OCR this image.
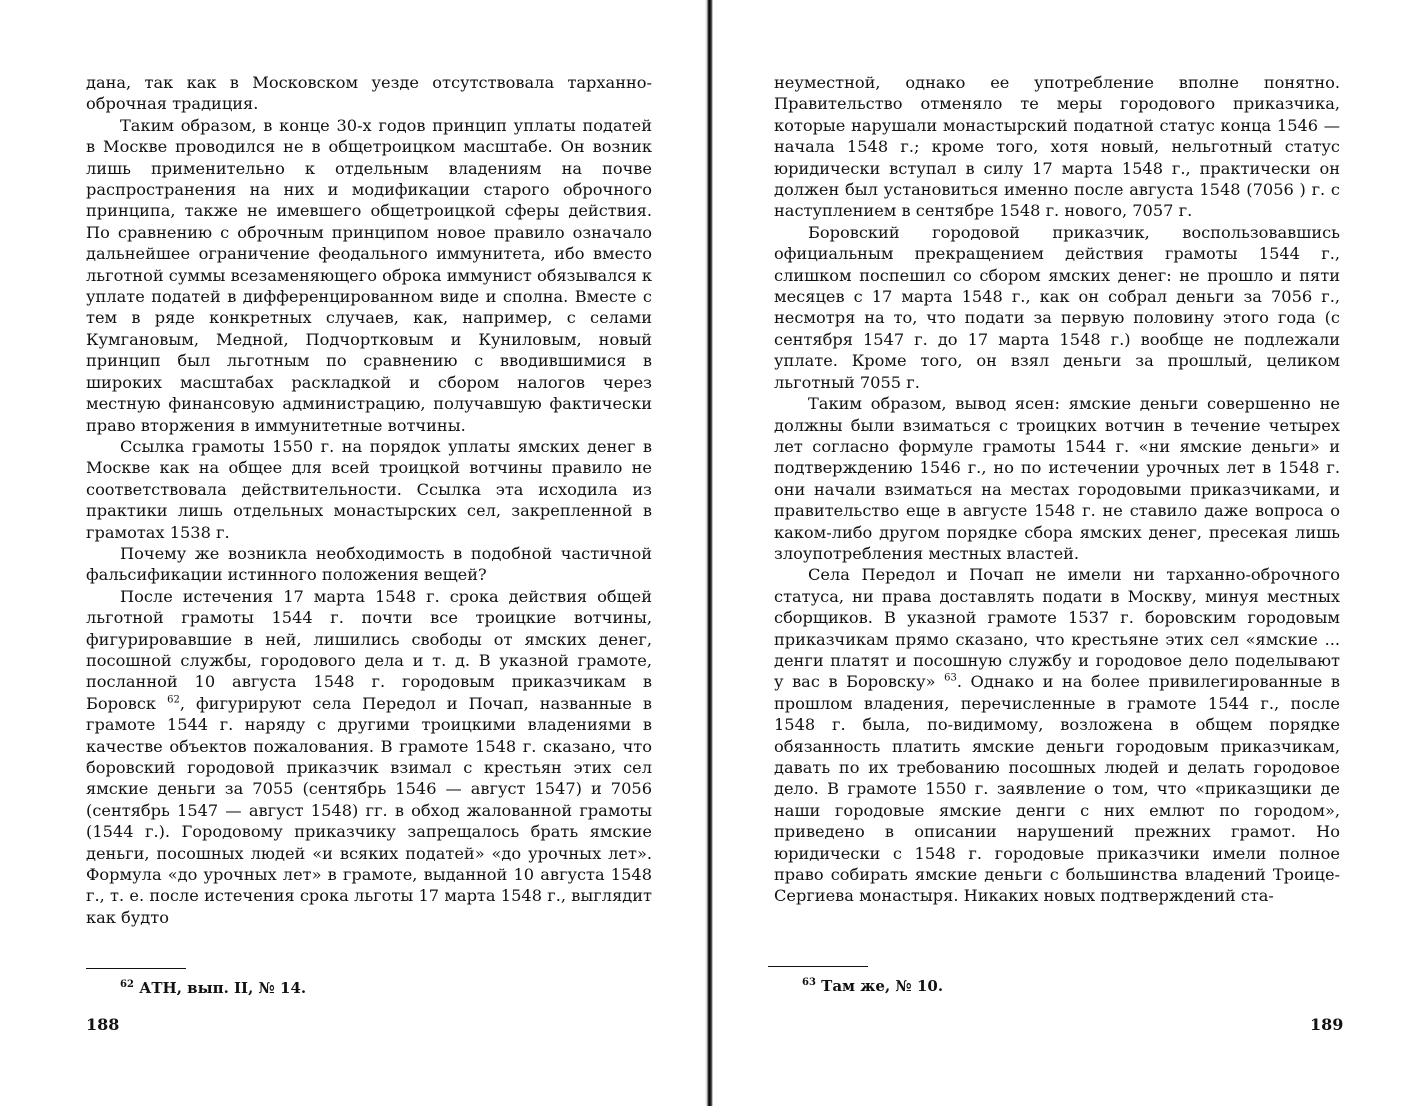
дана, так как в Московском уезде отсутствовала тарханно-оброчная традиция.

Таким образом, в конце 30-х годов принцип уплаты податей в Москве проводился не в общетроицком масштабе. Он возник лишь применительно к отдельным владениям на почве распространения на них и модификации старого оброчного принципа, также не имевшего общетроицкой сферы действия. По сравнению с оброчным принципом новое правило означало дальнейшее ограничение феодального иммунитета, ибо вместо льготной суммы всезаменяющего оброка иммунист обязывался к уплате податей в дифференцированном виде и сполна. Вместе с тем в ряде конкретных случаев, как, например, с селами Кумгановым, Медной, Подчортковым и Куниловым, новый принцип был льготным по сравнению с вводившимися в широких масштабах раскладкой и сбором налогов через местную финансовую администрацию, получавшую фактически право вторжения в иммунитетные вотчины.

Ссылка грамоты 1550 г. на порядок уплаты ямских денег в Москве как на общее для всей троицкой вотчины правило не соответствовала действительности. Ссылка эта исходила из практики лишь отдельных монастырских сел, закрепленной в грамотах 1538 г.

Почему же возникла необходимость в подобной частичной фальсификации истинного положения вещей?

После истечения 17 марта 1548 г. срока действия общей льготной грамоты 1544 г. почти все троицкие вотчины, фигурировавшие в ней, лишились свободы от ямских денег, посошной службы, городового дела и т. д. В указной грамоте, посланной 10 августа 1548 г. городовым приказчикам в Боровск $^{62}$, фигурируют села Передол и Почап, названные в грамоте 1544 г. наряду с другими троицкими владениями в качестве объектов пожалования. В грамоте 1548 г. сказано, что боровский городовой приказчик взимал с крестьян этих сел ямские деньги за 7055 (сентябрь 1546 — август 1547) и 7056 (сентябрь 1547 — август 1548) гг. в обход жалованной грамоты (1544 г.). Городовому приказчику запрещалось брать ямские деньги, посошных людей «и всяких податей» «до урочных лет». Формула «до урочных лет» в грамоте, выданной 10 августа 1548 г., т. е. после истечения срока льготы 17 марта 1548 г., выглядит как будто

$^{62}$ АТН, вып. II, № 14.
188

неуместной, однако ее употребление вполне понятно. Правительство отменяло те меры городового приказчика, которые нарушали монастырский податной статус конца 1546 — начала 1548 г.; кроме того, хотя новый, нельготный статус юридически вступал в силу 17 марта 1548 г., практически он должен был установиться именно после августа 1548 (7056 ) г. с наступлением в сентябре 1548 г. нового, 7057 г.

Боровский городовой приказчик, воспользовавшись официальным прекращением действия грамоты 1544 г., слишком поспешил со сбором ямских денег: не прошло и пяти месяцев с 17 марта 1548 г., как он собрал деньги за 7056 г., несмотря на то, что подати за первую половину этого года (с сентября 1547 г. до 17 марта 1548 г.) вообще не подлежали уплате. Кроме того, он взял деньги за прошлый, целиком льготный 7055 г.

Таким образом, вывод ясен: ямские деньги совершенно не должны были взиматься с троицких вотчин в течение четырех лет согласно формуле грамоты 1544 г. «ни ямские деньги» и подтверждению 1546 г., но по истечении урочных лет в 1548 г. они начали взиматься на местах городовыми приказчиками, и правительство еще в августе 1548 г. не ставило даже вопроса о каком-либо другом порядке сбора ямских денег, пресекая лишь злоупотребления местных властей.

Села Передол и Почап не имели ни тарханно-оброчного статуса, ни права доставлять подати в Москву, минуя местных сборщиков. В указной грамоте 1537 г. боровским городовым приказчикам прямо сказано, что крестьяне этих сел «ямские ... денги платят и посошную службу и городовое дело поделывают у вас в Боровску» $^{63}$. Однако и на более привилегированные в прошлом владения, перечисленные в грамоте 1544 г., после 1548 г. была, по-видимому, возложена в общем порядке обязанность платить ямские деньги городовым приказчикам, давать по их требованию посошных людей и делать городовое дело. В грамоте 1550 г. заявление о том, что «приказщики де наши городовые ямские денги с них емлют по городом», приведено в описании нарушений прежних грамот. Но юридически с 1548 г. городовые приказчики имели полное право собирать ямские деньги с большинства владений Троице-Сергиева монастыря. Никаких новых подтверждений ста-

$^{63}$ Там же, № 10.
189
